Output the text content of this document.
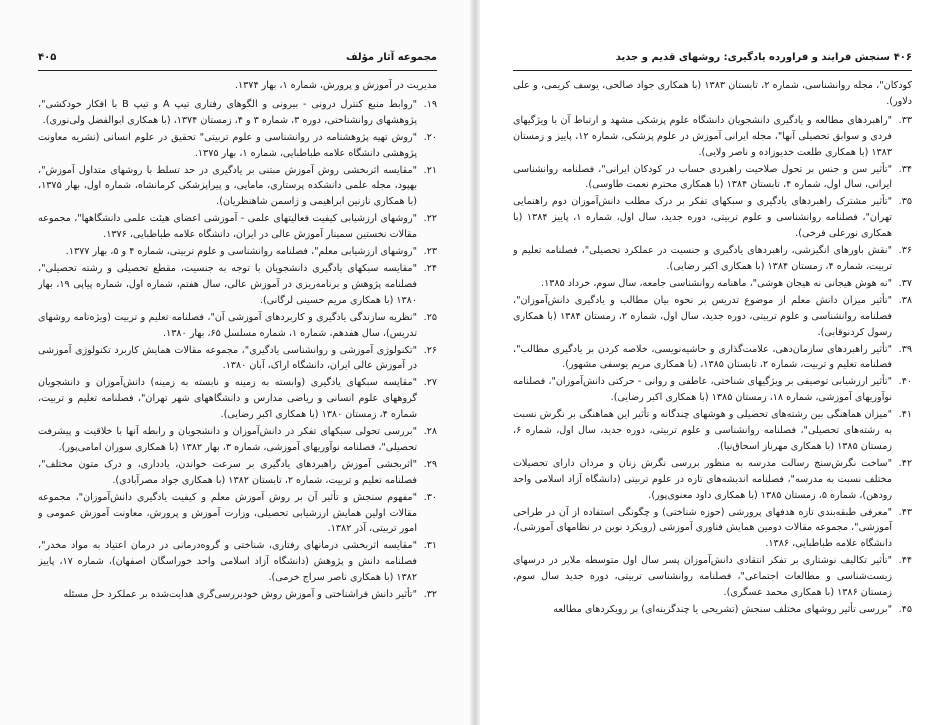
مجموعه آثار مؤلف
۴۰۵

مدیریت در آموزش و پرورش، شماره ۱، بهار ۱۳۷۴.

۱۹.
"روابط منبع کنترل درونی - بیرونی و الگوهای رفتاری تیپ A و تیپ B با افکار خودکشی"، پژوهشهای روانشناختی، دوره ۳، شماره ۳ و ۴، زمستان ۱۳۷۴، (با همکاری ابوالفضل ولی‌نوری).

۲۰.
"روش تهیه پژوهشنامه در روانشناسی و علوم تربیتی" تحقیق در علوم انسانی (نشریه معاونت پژوهشی دانشگاه علامه طباطبایی، شماره ۱، بهار ۱۳۷۵.

۲۱.
"مقایسه اثربخشی روش آموزش مبتنی بر یادگیری در حد تسلط با روشهای متداول آموزش"، بهپود، مجله علمی دانشکده پرستاری، مامایی، و پیراپزشکی کرمانشاه، شماره اول، بهار ۱۳۷۵، (با همکاری نازنین ابراهیمی و ژاسمن شاهنظریان).

۲۲.
"روشهای ارزشیابی کیفیت فعالیتهای علمی - آموزشی اعضای هیئت علمی دانشگاهها"، مجموعه مقالات نخستین سمینار آموزش عالی در ایران، دانشگاه علامه طباطبایی، ۱۳۷۶.

۲۳.
"روشهای ارزشیابی معلم"، فصلنامه روانشناسی و علوم تربیتی، شماره ۴ و ۵، بهار ۱۳۷۷.

۲۴.
"مقایسه سبکهای یادگیری دانشجویان با توجه به جنسیت، مقطع تحصیلی و رشته تحصیلی"، فصلنامه پژوهش و برنامه‌ریزی در آموزش عالی، سال هفتم، شماره اول، شماره پیاپی ۱۹، بهار ۱۳۸۰ (با همکاری مریم حسینی لرگانی).

۲۵.
"نظریه سازندگی یادگیری و کاربردهای آموزشی آن"، فصلنامه تعلیم و تربیت (ویژه‌نامه روشهای تدریس)، سال هفدهم، شماره ۱، شماره مسلسل ۶۵، بهار ۱۳۸۰.

۲۶.
"تکنولوژی آموزشی و روانشناسی یادگیری"، مجموعه مقالات همایش کاربرد تکنولوژی آموزشی در آموزش عالی ایران، دانشگاه اراک، آبان ۱۳۸۰.

۲۷.
"مقایسه سبکهای یادگیری (وابسته به زمینه و نابسته به زمینه) دانش‌آموزان و دانشجویان گروههای علوم انسانی و ریاضی مدارس و دانشگاههای شهر تهران"، فصلنامه تعلیم و تربیت، شماره ۴، زمستان ۱۳۸۰ (با همکاری اکبر رضایی).

۲۸.
"بررسی تحولی سبکهای تفکر در دانش‌آموزان و دانشجویان و رابطه آنها با خلاقیت و پیشرفت تحصیلی"، فصلنامه نوآوریهای آموزشی، شماره ۳، بهار ۱۳۸۲ (با همکاری سوران امامی‌پور).

۲۹.
"اثربخشی آموزش راهبردهای یادگیری بر سرعت خواندن، یادداری، و درک متون مختلف"، فصلنامه تعلیم و تربیت، شماره ۲، تابستان ۱۳۸۲ (با همکاری جواد مصرآبادی).

۳۰.
"مفهوم سنجش و تأثیر آن بر روش آموزش معلم و کیفیت یادگیری دانش‌آموزان"، مجموعه مقالات اولین همایش ارزشیابی تحصیلی، وزارت آموزش و پرورش، معاونت آموزش عمومی و امور تربیتی، آذر ۱۳۸۲.

۳۱.
"مقایسه اثربخشی درمانهای رفتاری، شناختی و گروه‌درمانی در درمان اعتیاد به مواد مخدر"، فصلنامه دانش و پژوهش (دانشگاه آزاد اسلامی واحد خوراسگان اصفهان)، شماره ۱۷، پاییز ۱۳۸۲ (با همکاری ناصر سراج خرمی).

۳۲.
"تأثیر دانش فراشناختی و آموزش روش خودبررسی‌گری هدایت‌شده بر عملکرد حل مسئله

۴۰۶
سنجش فرایند و فراورده یادگیری: روشهای قدیم و جدید

کودکان"، مجله روانشناسی، شماره ۲، تابستان ۱۳۸۳ (با همکاری جواد صالحی، یوسف کریمی، و علی دلاور).

۳۳.
"راهبردهای مطالعه و یادگیری دانشجویان دانشگاه علوم پزشکی مشهد و ارتباط آن با ویژگیهای فردی و سوابق تحصیلی آنها"، مجله ایرانی آموزش در علوم پزشکی، شماره ۱۲، پاییز و زمستان ۱۳۸۳ (با همکاری طلعت خدیوزاده و ناصر ولایی).

۳۴.
"تأثیر سن و جنس بر تحول صلاحیت راهبردی حساب در کودکان ایرانی"، فصلنامه روانشناسی ایرانی، سال اول، شماره ۴، تابستان ۱۳۸۴ (با همکاری محترم نعمت طاوسی).

۳۵.
"تأثیر مشترک راهبردهای یادگیری و سبکهای تفکر بر درک مطلب دانش‌آموزان دوم راهنمایی تهران"، فصلنامه روانشناسی و علوم تربیتی، دوره جدید، سال اول، شماره ۱، پاییز ۱۳۸۴ (با همکاری نورعلی فرخی).

۳۶.
"نقش باورهای انگیزشی، راهبردهای یادگیری و جنسیت در عملکرد تحصیلی"، فصلنامه تعلیم و تربیت، شماره ۴، زمستان ۱۳۸۴ (با همکاری اکبر رضایی).

۳۷.
"نه هوش هیجانی نه هیجان هوشی"، ماهنامه روانشناسی جامعه، سال سوم، خرداد ۱۳۸۵.

۳۸.
"تأثیر میزان دانش معلم از موضوع تدریس بر نحوه بیان مطالب و یادگیری دانش‌آموزان"، فصلنامه روانشناسی و علوم تربیتی، دوره جدید، سال اول، شماره ۲، زمستان ۱۳۸۴ (با همکاری رسول کردنوقابی).

۳۹.
"تأثیر راهبردهای سازمان‌دهی، علامت‌گذاری و حاشیه‌نویسی، خلاصه کردن بر یادگیری مطالب"، فصلنامه تعلیم و تربیت، شماره ۲، تابستان ۱۳۸۵، (با همکاری مریم یوسفی مشهور).

۴۰.
"تأثیر ارزشیابی توصیفی بر ویژگیهای شناختی، عاطفی و روانی - حرکتی دانش‌آموزان"، فصلنامه نوآوریهای آموزشی، شماره ۱۸، زمستان ۱۳۸۵ (با همکاری اکبر رضایی).

۴۱.
"میزان هماهنگی بین رشته‌های تحصیلی و هوشهای چندگانه و تأثیر این هماهنگی بر نگرش نسبت به رشته‌های تحصیلی"، فصلنامه روانشناسی و علوم تربیتی، دوره جدید، سال اول، شماره ۶، زمستان ۱۳۸۵ (با همکاری مهرناز اسحاق‌نیا).

۴۲.
"ساخت نگرش‌سنج رسالت مدرسه به منظور بررسی نگرش زنان و مردان دارای تحصیلات مختلف نسبت به مدرسه"، فصلنامه اندیشه‌های تازه در علوم تربیتی (دانشگاه آزاد اسلامی واحد رودهن)، شماره ۵، زمستان ۱۳۸۵ (با همکاری داود معنوی‌پور).

۴۳.
"معرفی طبقه‌بندی تازه هدفهای پرورشی (حوزه شناختی) و چگونگی استفاده از آن در طراحی آموزشی"، مجموعه مقالات دومین همایش فناوری آموزشی (رویکرد نوین در نظامهای آموزشی)، دانشگاه علامه طباطبایی، ۱۳۸۶.

۴۴.
"تأثیر تکالیف نوشتاری بر تفکر انتقادی دانش‌آموزان پسر سال اول متوسطه ملایر در درسهای زیست‌شناسی و مطالعات اجتماعی"، فصلنامه روانشناسی تربیتی، دوره جدید سال سوم، زمستان ۱۳۸۶ (با همکاری محمد عسگری).

۴۵.
"بررسی تأثیر روشهای مختلف سنجش (تشریحی یا چندگزینه‌ای) بر رویکردهای مطالعه
